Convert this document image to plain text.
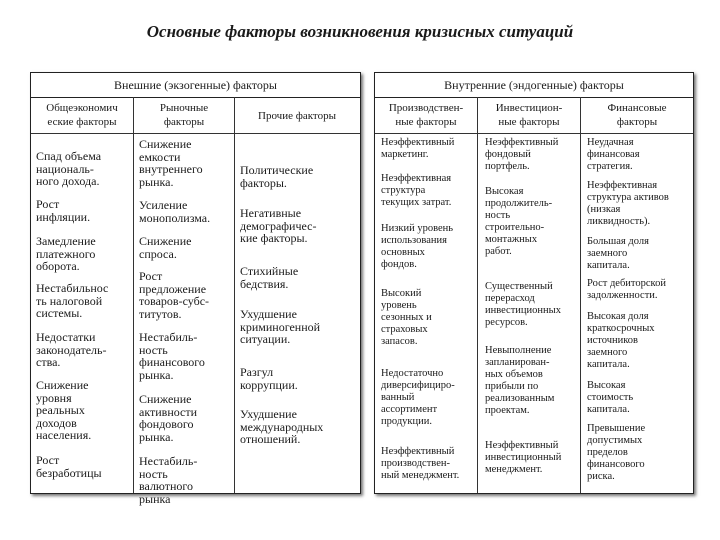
Основные факторы возникновения кризисных ситуаций
Внешние (экзогенные) факторы
Общеэкономич
еские факторы
Рыночные
факторы	Прочие факторы
Спад объема
националь-
ного дохода.
Рост
инфляции.
Замедление
платежного
оборота.
Нестабильнос
ть налоговой
системы.
Недостатки
законодатель-
ства.
Снижение
уровня
реальных
доходов
населения.
Рост
безработицы
Снижение
емкости
внутреннего
рынка.
Усиление
монополизма.
Снижение
спроса.
Рост
предложение
товаров-субс-
титутов.
Нестабиль-
ность
финансового
рынка.
Снижение
активности
фондового
рынка.
Нестабиль-
ность
валютного
рынка
Политические
факторы.
Негативные
демографичес-
кие факторы.
Стихийные
бедствия.
Ухудшение
криминогенной
ситуации.
Разгул
коррупции.
Ухудшение
международных
отношений.
Внутренние (эндогенные) факторы
Производствен-
ные факторы
Инвестицион-
ные факторы
Финансовые
факторы
Неэффективный
маркетинг.
Неэффективная
структура
текущих затрат.
Низкий уровень
использования
основных
фондов.
Высокий
уровень
сезонных и
страховых
запасов.
Недостаточно
диверсифициро-
ванный
ассортимент
продукции.
Неэффективный
производствен-
ный менеджмент.
Неэффективный
фондовый
портфель.
Высокая
продолжитель-
ность
строительно-
монтажных
работ.
Существенный
перерасход
инвестиционных
ресурсов.
Невыполнение
запланирован-
ных объемов
прибыли по
реализованным
проектам.
Неэффективный
инвестиционный
менеджмент.
Неудачная
финансовая
стратегия.
Неэффективная
структура активов
(низкая
ликвидность).
Большая доля
заемного
капитала.
Рост дебиторской
задолженности.
Высокая доля
краткосрочных
источников
заемного
капитала.
Высокая
стоимость
капитала.
Превышение
допустимых
пределов
финансового
риска.
